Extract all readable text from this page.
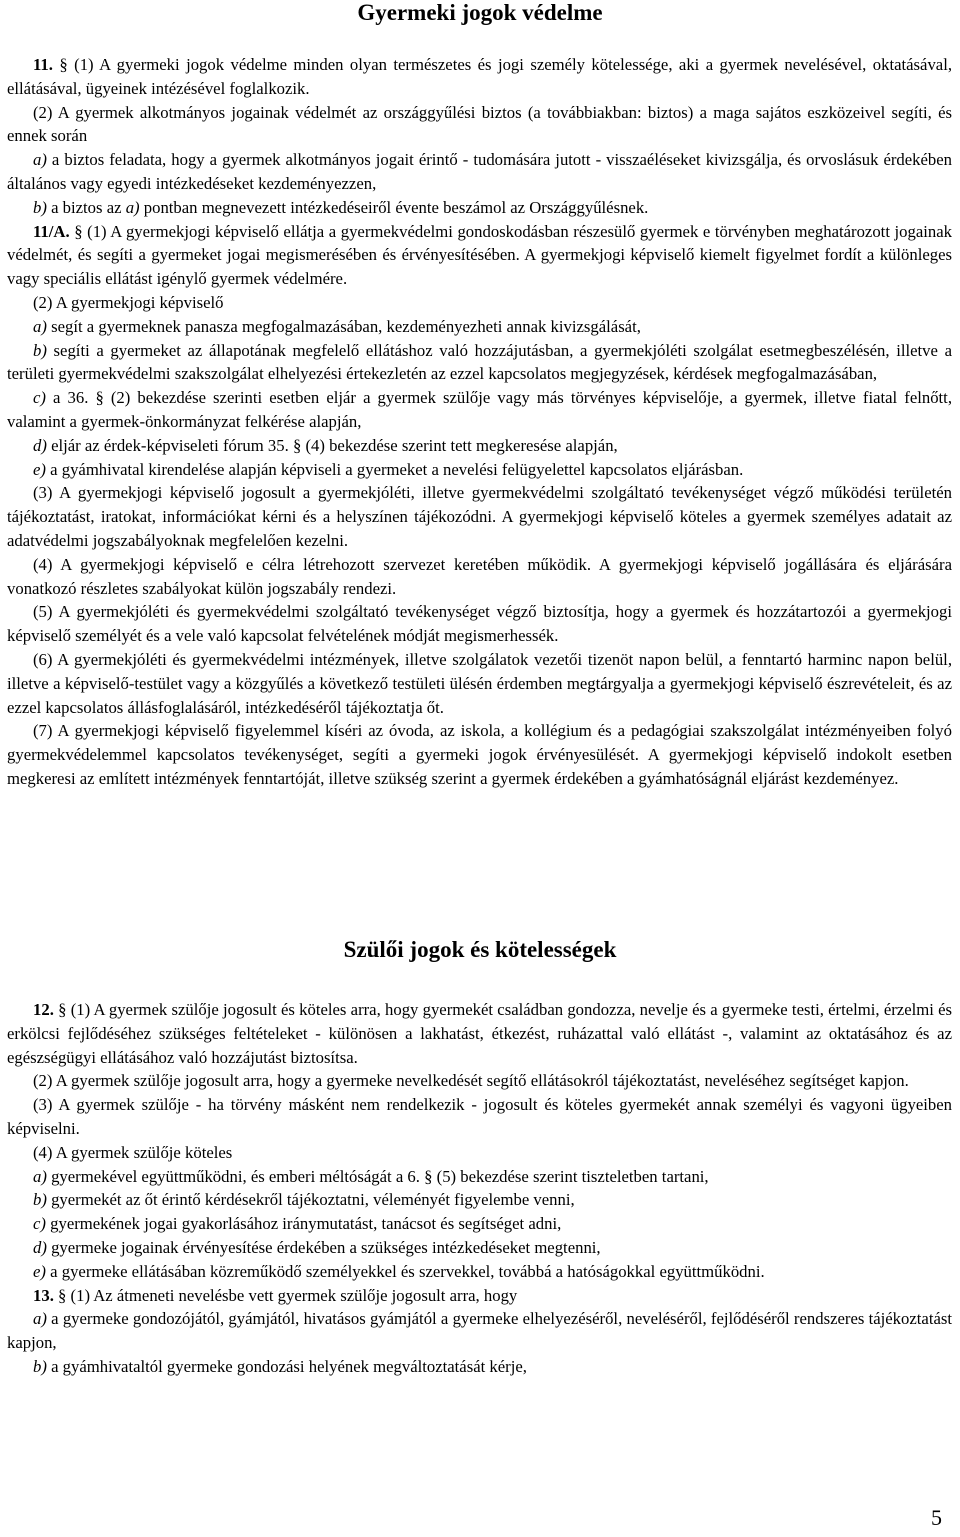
Gyermeki jogok védelme
11. § (1) A gyermeki jogok védelme minden olyan természetes és jogi személy kötelessége, aki a gyermek nevelésével, oktatásával, ellátásával, ügyeinek intézésével foglalkozik.
(2) A gyermek alkotmányos jogainak védelmét az országgyűlési biztos (a továbbiakban: biztos) a maga sajátos eszközeivel segíti, és ennek során
a) a biztos feladata, hogy a gyermek alkotmányos jogait érintő - tudomására jutott - visszaéléseket kivizsgálja, és orvoslásuk érdekében általános vagy egyedi intézkedéseket kezdeményezzen,
b) a biztos az a) pontban megnevezett intézkedéseiről évente beszámol az Országgyűlésnek.
11/A. § (1) A gyermekjogi képviselő ellátja a gyermekvédelmi gondoskodásban részesülő gyermek e törvényben meghatározott jogainak védelmét, és segíti a gyermeket jogai megismerésében és érvényesítésében. A gyermekjogi képviselő kiemelt figyelmet fordít a különleges vagy speciális ellátást igénylő gyermek védelmére.
(2) A gyermekjogi képviselő
a) segít a gyermeknek panasza megfogalmazásában, kezdeményezheti annak kivizsgálását,
b) segíti a gyermeket az állapotának megfelelő ellátáshoz való hozzájutásban, a gyermekjóléti szolgálat esetmegbeszélésén, illetve a területi gyermekvédelmi szakszolgálat elhelyezési értekezletén az ezzel kapcsolatos megjegyzések, kérdések megfogalmazásában,
c) a 36. § (2) bekezdése szerinti esetben eljár a gyermek szülője vagy más törvényes képviselője, a gyermek, illetve fiatal felnőtt, valamint a gyermek-önkormányzat felkérése alapján,
d) eljár az érdek-képviseleti fórum 35. § (4) bekezdése szerint tett megkeresése alapján,
e) a gyámhivatal kirendelése alapján képviseli a gyermeket a nevelési felügyelettel kapcsolatos eljárásban.
(3) A gyermekjogi képviselő jogosult a gyermekjóléti, illetve gyermekvédelmi szolgáltató tevékenységet végző működési területén tájékoztatást, iratokat, információkat kérni és a helyszínen tájékozódni. A gyermekjogi képviselő köteles a gyermek személyes adatait az adatvédelmi jogszabályoknak megfelelően kezelni.
(4) A gyermekjogi képviselő e célra létrehozott szervezet keretében működik. A gyermekjogi képviselő jogállására és eljárására vonatkozó részletes szabályokat külön jogszabály rendezi.
(5) A gyermekjóléti és gyermekvédelmi szolgáltató tevékenységet végző biztosítja, hogy a gyermek és hozzátartozói a gyermekjogi képviselő személyét és a vele való kapcsolat felvételének módját megismerhessék.
(6) A gyermekjóléti és gyermekvédelmi intézmények, illetve szolgálatok vezetői tizenöt napon belül, a fenntartó harminc napon belül, illetve a képviselő-testület vagy a közgyűlés a következő testületi ülésén érdemben megtárgyalja a gyermekjogi képviselő észrevételeit, és az ezzel kapcsolatos állásfoglalásáról, intézkedéséről tájékoztatja őt.
(7) A gyermekjogi képviselő figyelemmel kíséri az óvoda, az iskola, a kollégium és a pedagógiai szakszolgálat intézményeiben folyó gyermekvédelemmel kapcsolatos tevékenységet, segíti a gyermeki jogok érvényesülését. A gyermekjogi képviselő indokolt esetben megkeresi az említett intézmények fenntartóját, illetve szükség szerint a gyermek érdekében a gyámhatóságnál eljárást kezdeményez.
Szülői jogok és kötelességek
12. § (1) A gyermek szülője jogosult és köteles arra, hogy gyermekét családban gondozza, nevelje és a gyermeke testi, értelmi, érzelmi és erkölcsi fejlődéséhez szükséges feltételeket - különösen a lakhatást, étkezést, ruházattal való ellátást -, valamint az oktatásához és az egészségügyi ellátásához való hozzájutást biztosítsa.
(2) A gyermek szülője jogosult arra, hogy a gyermeke nevelkedését segítő ellátásokról tájékoztatást, neveléséhez segítséget kapjon.
(3) A gyermek szülője - ha törvény másként nem rendelkezik - jogosult és köteles gyermekét annak személyi és vagyoni ügyeiben képviselni.
(4) A gyermek szülője köteles
a) gyermekével együttműködni, és emberi méltóságát a 6. § (5) bekezdése szerint tiszteletben tartani,
b) gyermekét az őt érintő kérdésekről tájékoztatni, véleményét figyelembe venni,
c) gyermekének jogai gyakorlásához iránymutatást, tanácsot és segítséget adni,
d) gyermeke jogainak érvényesítése érdekében a szükséges intézkedéseket megtenni,
e) a gyermeke ellátásában közreműködő személyekkel és szervekkel, továbbá a hatóságokkal együttműködni.
13. § (1) Az átmeneti nevelésbe vett gyermek szülője jogosult arra, hogy
a) a gyermeke gondozójától, gyámjától, hivatásos gyámjától a gyermeke elhelyezéséről, neveléséről, fejlődéséről rendszeres tájékoztatást kapjon,
b) a gyámhivataltól gyermeke gondozási helyének megváltoztatását kérje,
5
